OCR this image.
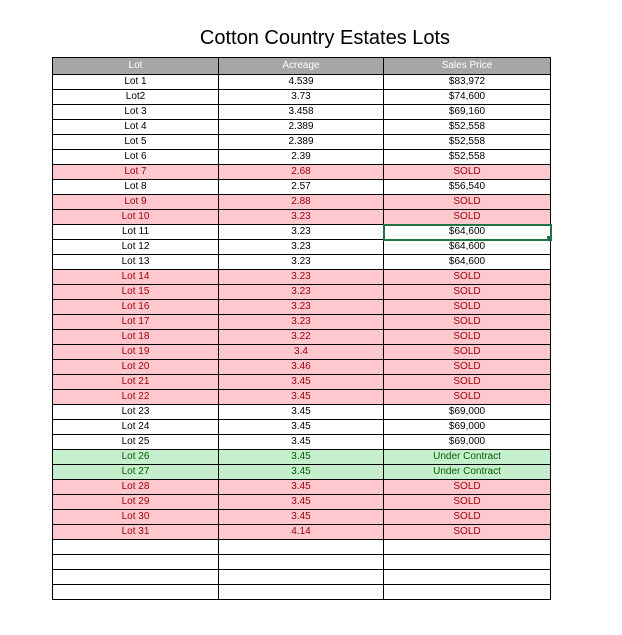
Cotton Country Estates Lots
Lot	Acreage	Sales Price
Lot 1	4.539	$83,972
Lot2	3.73	$74,600
Lot 3	3.458	$69,160
Lot 4	2.389	$52,558
Lot 5	2.389	$52,558
Lot 6	2.39	$52,558
Lot 7	2.68	SOLD
Lot 8	2.57	$56,540
Lot 9	2.88	SOLD
Lot 10	3.23	SOLD
Lot 11	3.23	$64,600
Lot 12	3.23	$64,600
Lot 13	3.23	$64,600
Lot 14	3.23	SOLD
Lot 15	3.23	SOLD
Lot 16	3.23	SOLD
Lot 17	3.23	SOLD
Lot 18	3.22	SOLD
Lot 19	3.4	SOLD
Lot 20	3.46	SOLD
Lot 21	3.45	SOLD
Lot 22	3.45	SOLD
Lot 23	3.45	$69,000
Lot 24	3.45	$69,000
Lot 25	3.45	$69,000
Lot 26	3.45	Under Contract
Lot 27	3.45	Under Contract
Lot 28	3.45	SOLD
Lot 29	3.45	SOLD
Lot 30	3.45	SOLD
Lot 31	4.14	SOLD
